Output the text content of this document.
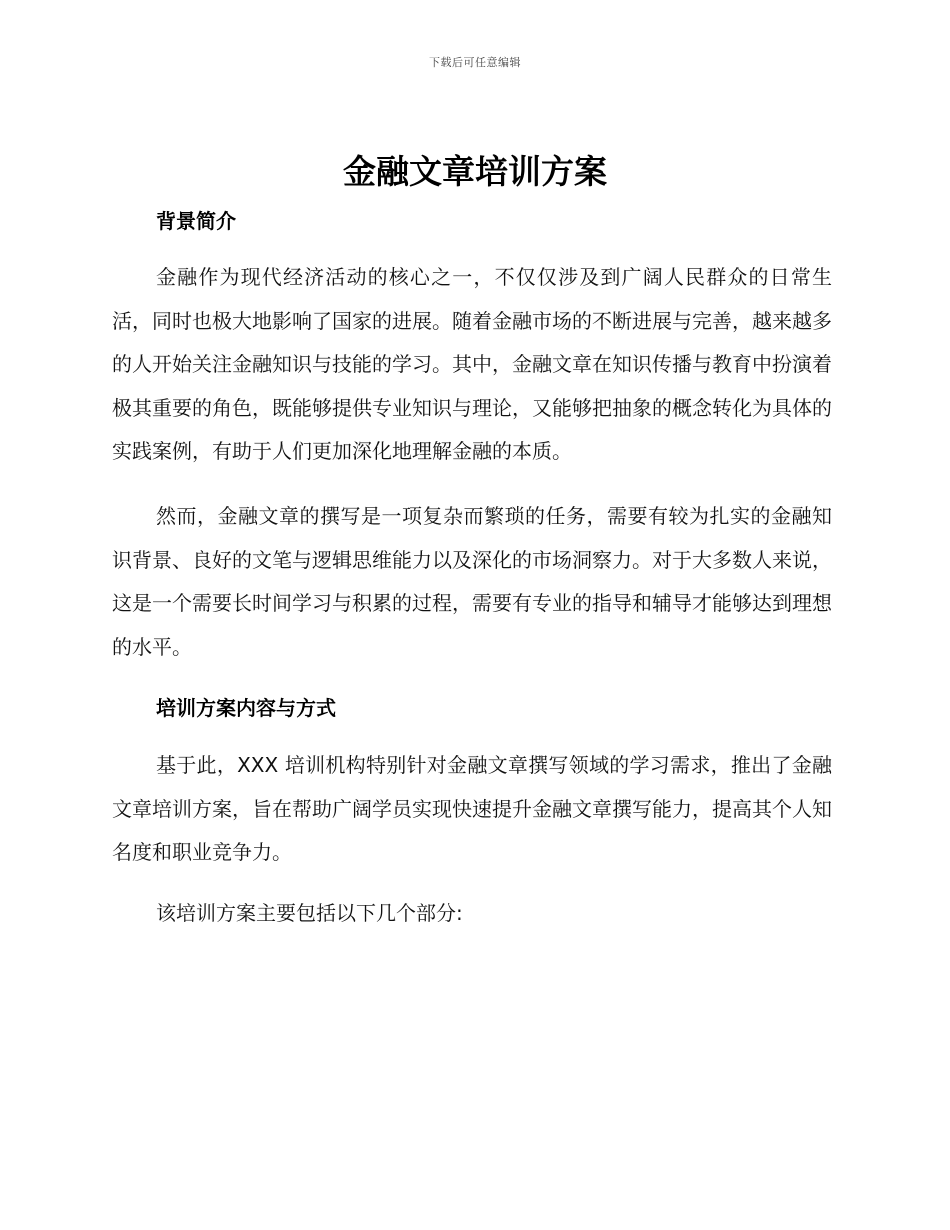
下载后可任意编辑
金融文章培训方案
背景简介

金融作为现代经济活动的核心之一，不仅仅涉及到广阔人民群众的日常生活，同时也极大地影响了国家的进展。随着金融市场的不断进展与完善，越来越多的人开始关注金融知识与技能的学习。其中，金融文章在知识传播与教育中扮演着极其重要的角色，既能够提供专业知识与理论，又能够把抽象的概念转化为具体的实践案例，有助于人们更加深化地理解金融的本质。

然而，金融文章的撰写是一项复杂而繁琐的任务，需要有较为扎实的金融知识背景、良好的文笔与逻辑思维能力以及深化的市场洞察力。对于大多数人来说，这是一个需要长时间学习与积累的过程，需要有专业的指导和辅导才能够达到理想的水平。

培训方案内容与方式

基于此，XXX 培训机构特别针对金融文章撰写领域的学习需求，推出了金融文章培训方案，旨在帮助广阔学员实现快速提升金融文章撰写能力，提高其个人知名度和职业竞争力。

该培训方案主要包括以下几个部分:
